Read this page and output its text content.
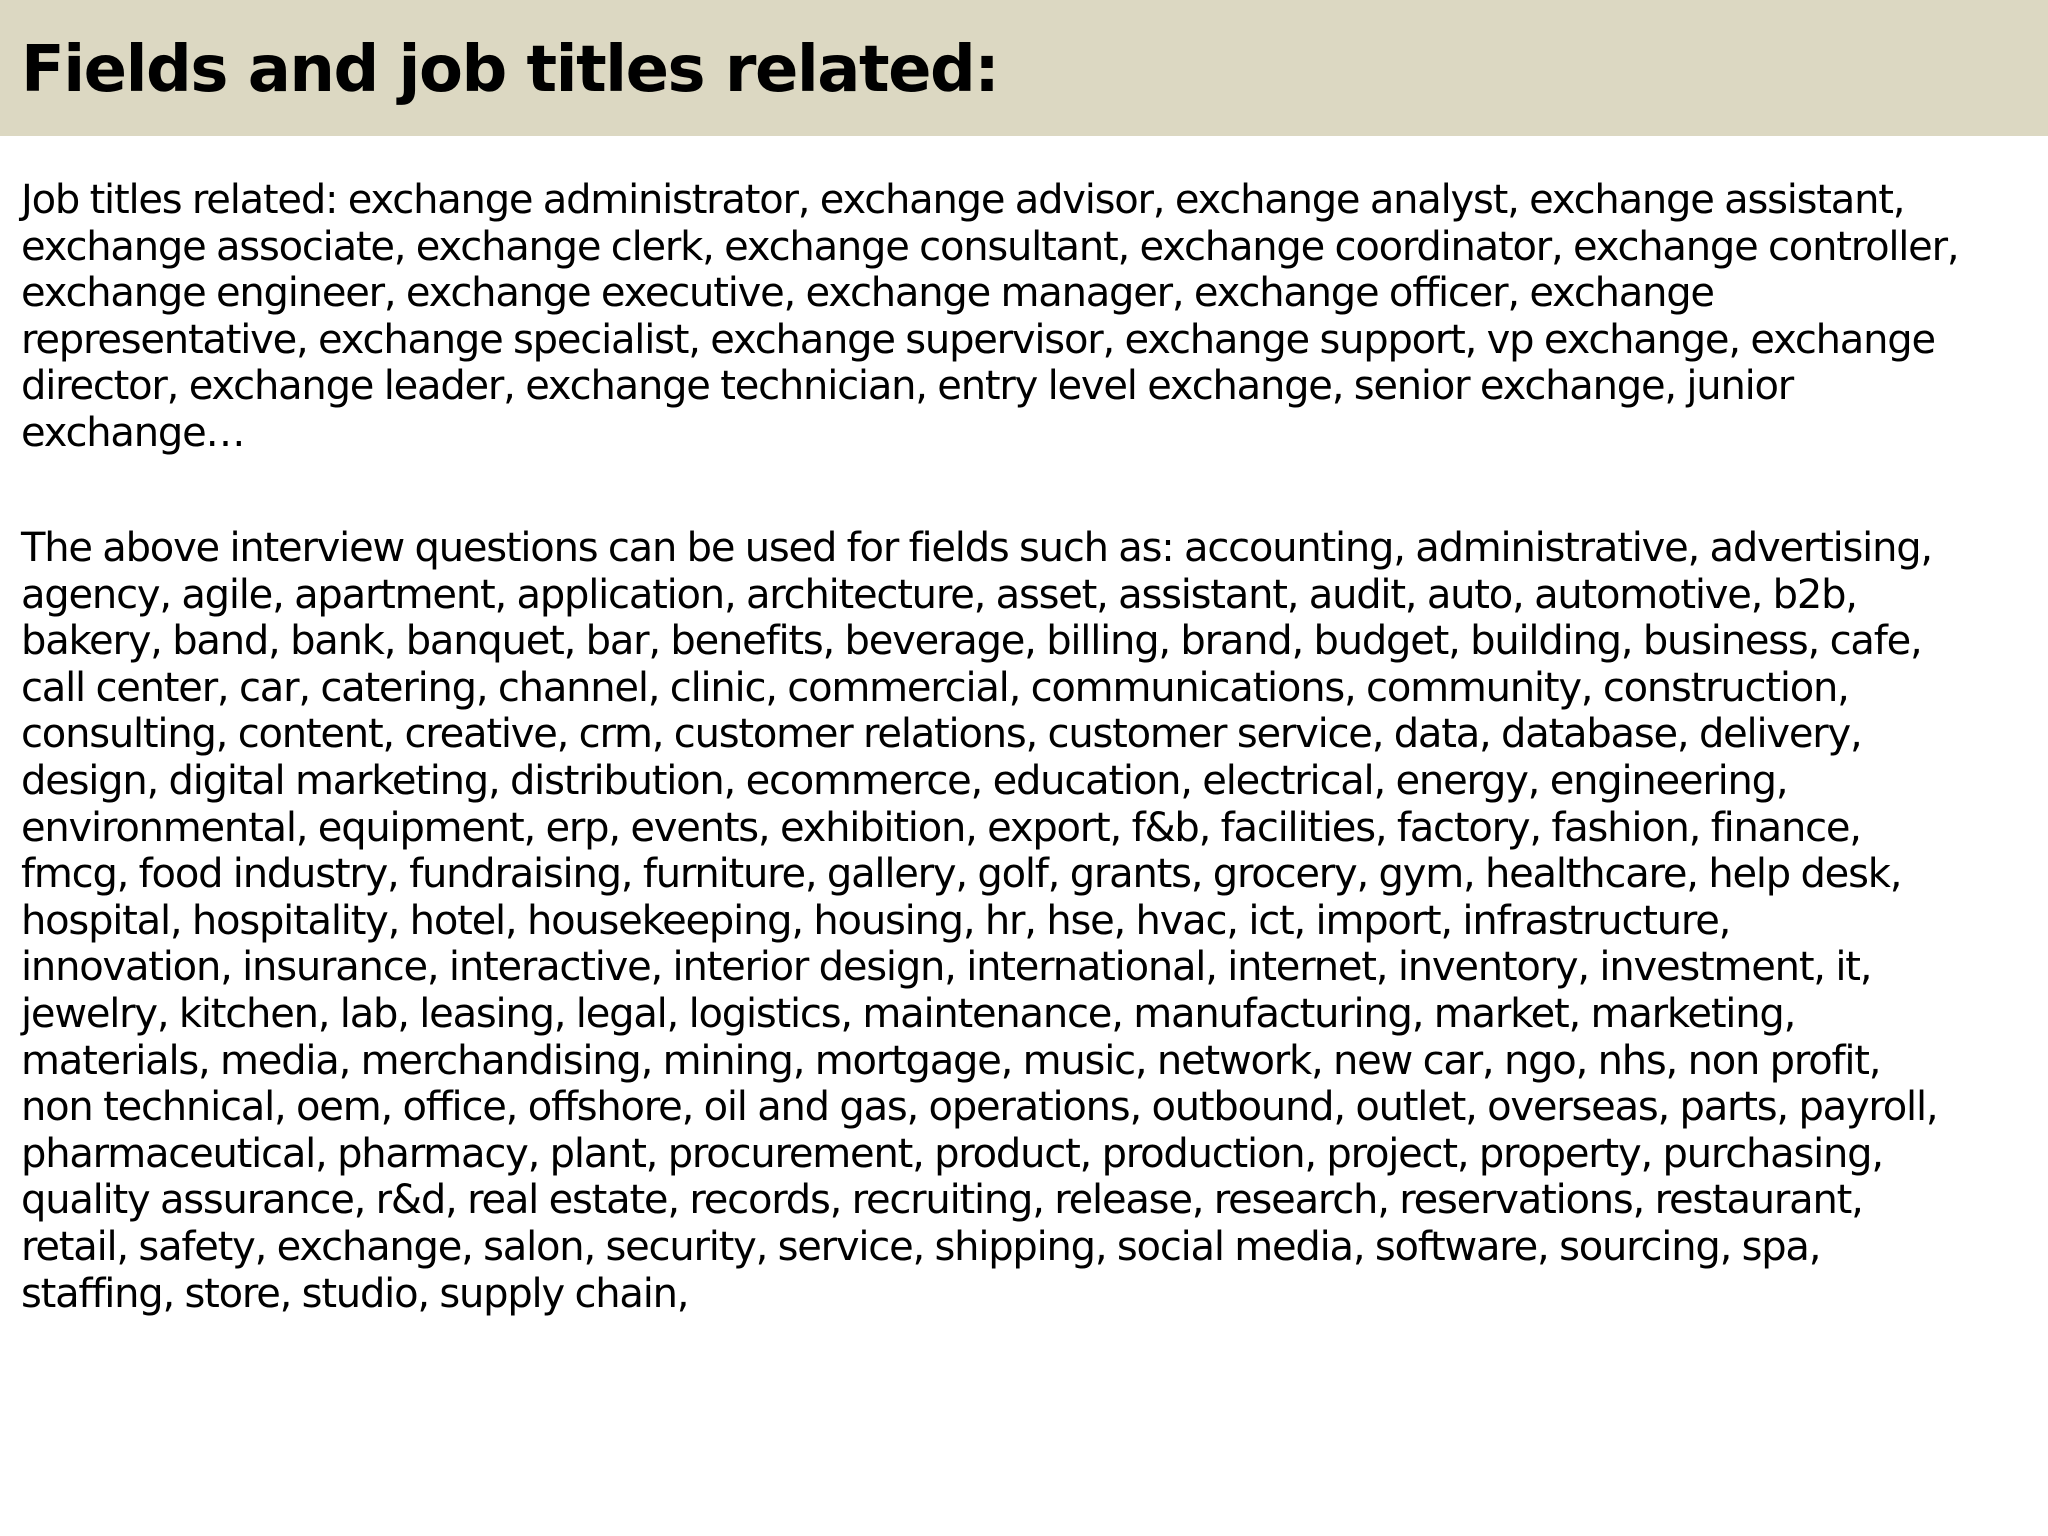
Fields and job titles related:

Job titles related: exchange administrator, exchange advisor, exchange analyst, exchange assistant,
exchange associate, exchange clerk, exchange consultant, exchange coordinator, exchange controller,
exchange engineer, exchange executive, exchange manager, exchange officer, exchange
representative, exchange specialist, exchange supervisor, exchange support, vp exchange, exchange
director, exchange leader, exchange technician, entry level exchange, senior exchange, junior
exchange…

The above interview questions can be used for fields such as: accounting, administrative, advertising,
agency, agile, apartment, application, architecture, asset, assistant, audit, auto, automotive, b2b,
bakery, band, bank, banquet, bar, benefits, beverage, billing, brand, budget, building, business, cafe,
call center, car, catering, channel, clinic, commercial, communications, community, construction,
consulting, content, creative, crm, customer relations, customer service, data, database, delivery,
design, digital marketing, distribution, ecommerce, education, electrical, energy, engineering,
environmental, equipment, erp, events, exhibition, export, f&b, facilities, factory, fashion, finance,
fmcg, food industry, fundraising, furniture, gallery, golf, grants, grocery, gym, healthcare, help desk,
hospital, hospitality, hotel, housekeeping, housing, hr, hse, hvac, ict, import, infrastructure,
innovation, insurance, interactive, interior design, international, internet, inventory, investment, it,
jewelry, kitchen, lab, leasing, legal, logistics, maintenance, manufacturing, market, marketing,
materials, media, merchandising, mining, mortgage, music, network, new car, ngo, nhs, non profit,
non technical, oem, office, offshore, oil and gas, operations, outbound, outlet, overseas, parts, payroll,
pharmaceutical, pharmacy, plant, procurement, product, production, project, property, purchasing,
quality assurance, r&d, real estate, records, recruiting, release, research, reservations, restaurant,
retail, safety, exchange, salon, security, service, shipping, social media, software, sourcing, spa,
staffing, store, studio, supply chain,
